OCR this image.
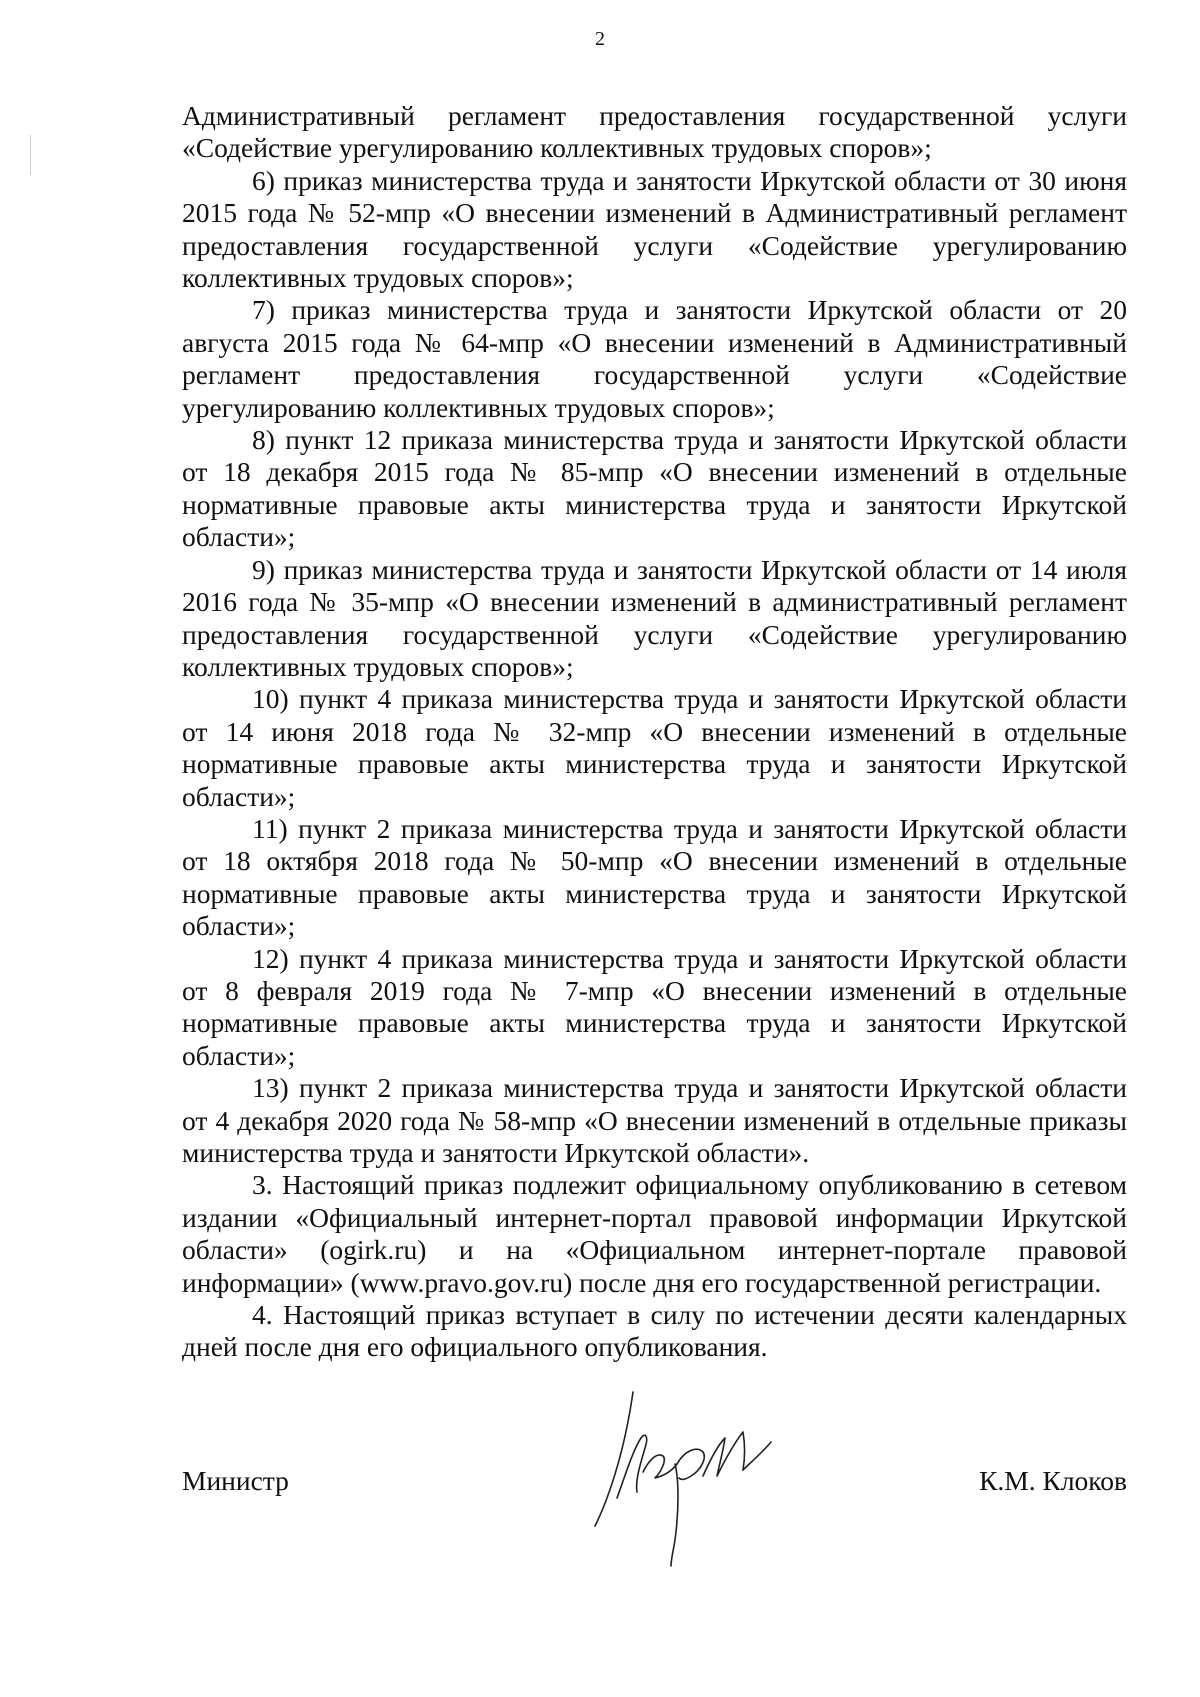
2

Административный регламент предоставления государственной услуги «Содействие урегулированию коллективных трудовых споров»;

6) приказ министерства труда и занятости Иркутской области от 30 июня 2015 года № 52-мпр «О внесении изменений в Административный регламент предоставления государственной услуги «Содействие урегулированию коллективных трудовых споров»;

7) приказ министерства труда и занятости Иркутской области от 20 августа 2015 года № 64-мпр «О внесении изменений в Административный регламент предоставления государственной услуги «Содействие урегулированию коллективных трудовых споров»;

8) пункт 12 приказа министерства труда и занятости Иркутской области от 18 декабря 2015 года № 85-мпр «О внесении изменений в отдельные нормативные правовые акты министерства труда и занятости Иркутской области»;

9) приказ министерства труда и занятости Иркутской области от 14 июля 2016 года № 35-мпр «О внесении изменений в административный регламент предоставления государственной услуги «Содействие урегулированию коллективных трудовых споров»;

10) пункт 4 приказа министерства труда и занятости Иркутской области от 14 июня 2018 года № 32-мпр «О внесении изменений в отдельные нормативные правовые акты министерства труда и занятости Иркутской области»;

11) пункт 2 приказа министерства труда и занятости Иркутской области от 18 октября 2018 года № 50-мпр «О внесении изменений в отдельные нормативные правовые акты министерства труда и занятости Иркутской области»;

12) пункт 4 приказа министерства труда и занятости Иркутской области от 8 февраля 2019 года № 7-мпр «О внесении изменений в отдельные нормативные правовые акты министерства труда и занятости Иркутской области»;

13) пункт 2 приказа министерства труда и занятости Иркутской области от 4 декабря 2020 года № 58-мпр «О внесении изменений в отдельные приказы министерства труда и занятости Иркутской области».

3. Настоящий приказ подлежит официальному опубликованию в сетевом издании «Официальный интернет-портал правовой информации Иркутской области» (ogirk.ru) и на «Официальном интернет-портале правовой информации» (www.pravo.gov.ru) после дня его государственной регистрации.

4. Настоящий приказ вступает в силу по истечении десяти календарных дней после дня его официального опубликования.

Министр	К.М. Клоков
